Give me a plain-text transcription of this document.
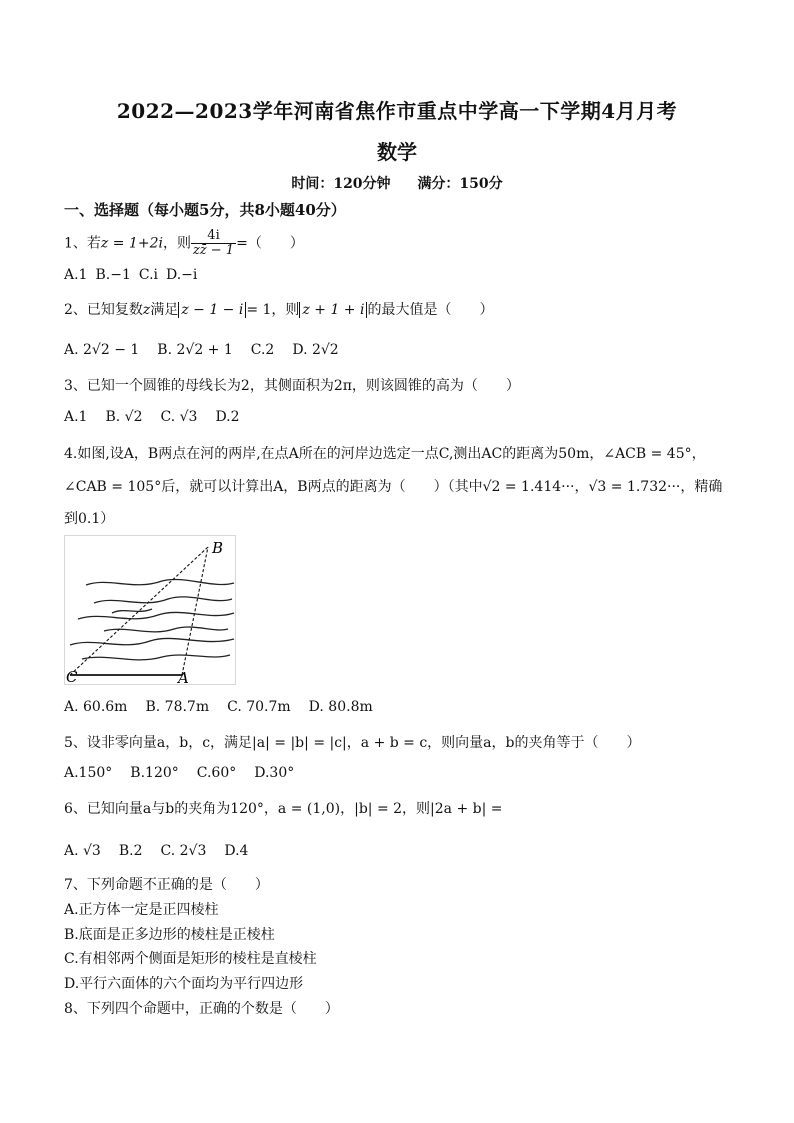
2022—2023学年河南省焦作市重点中学高一下学期4月月考
数学
时间：120分钟 满分：150分
一、选择题（每小题5分，共8小题40分）
1、若z = 1+2i，则 $\frac{4i}{zz̄ - 1}$ =（　　）
A.1 B.−1 C.i D.−i
2、已知复数z满足 z − 1 − i = 1，则 z + 1 + i 的最大值是（　　）
A. 2√2 − 1 B. 2√2 + 1 C.2 D. 2√2
3、已知一个圆锥的母线长为2，其侧面积为2π，则该圆锥的高为（　　）
A.1 B. √2 C. √3 D.2
4.如图,设A，B两点在河的两岸,在点A所在的河岸边选定一点C,测出AC的距离为50m，∠ACB = 45°，
∠CAB = 105°后，就可以计算出A，B两点的距离为（　　）（其中√2 = 1.414···，√3 = 1.732···，精确
到0.1）
B
C	A
A. 60.6m B. 78.7m C. 70.7m D. 80.8m
5、设非零向量a，b，c，满足|a| = |b| = |c|，a + b = c，则向量a，b的夹角等于（　　）
A.150° B.120° C.60° D.30°
6、已知向量a与b的夹角为120°，a = (1,0)，|b| = 2，则|2a + b| =
A. √3 B.2 C. 2√3 D.4
7、下列命题不正确的是（　　）
A.正方体一定是正四棱柱
B.底面是正多边形的棱柱是正棱柱
C.有相邻两个侧面是矩形的棱柱是直棱柱
D.平行六面体的六个面均为平行四边形
8、下列四个命题中，正确的个数是（　　）
